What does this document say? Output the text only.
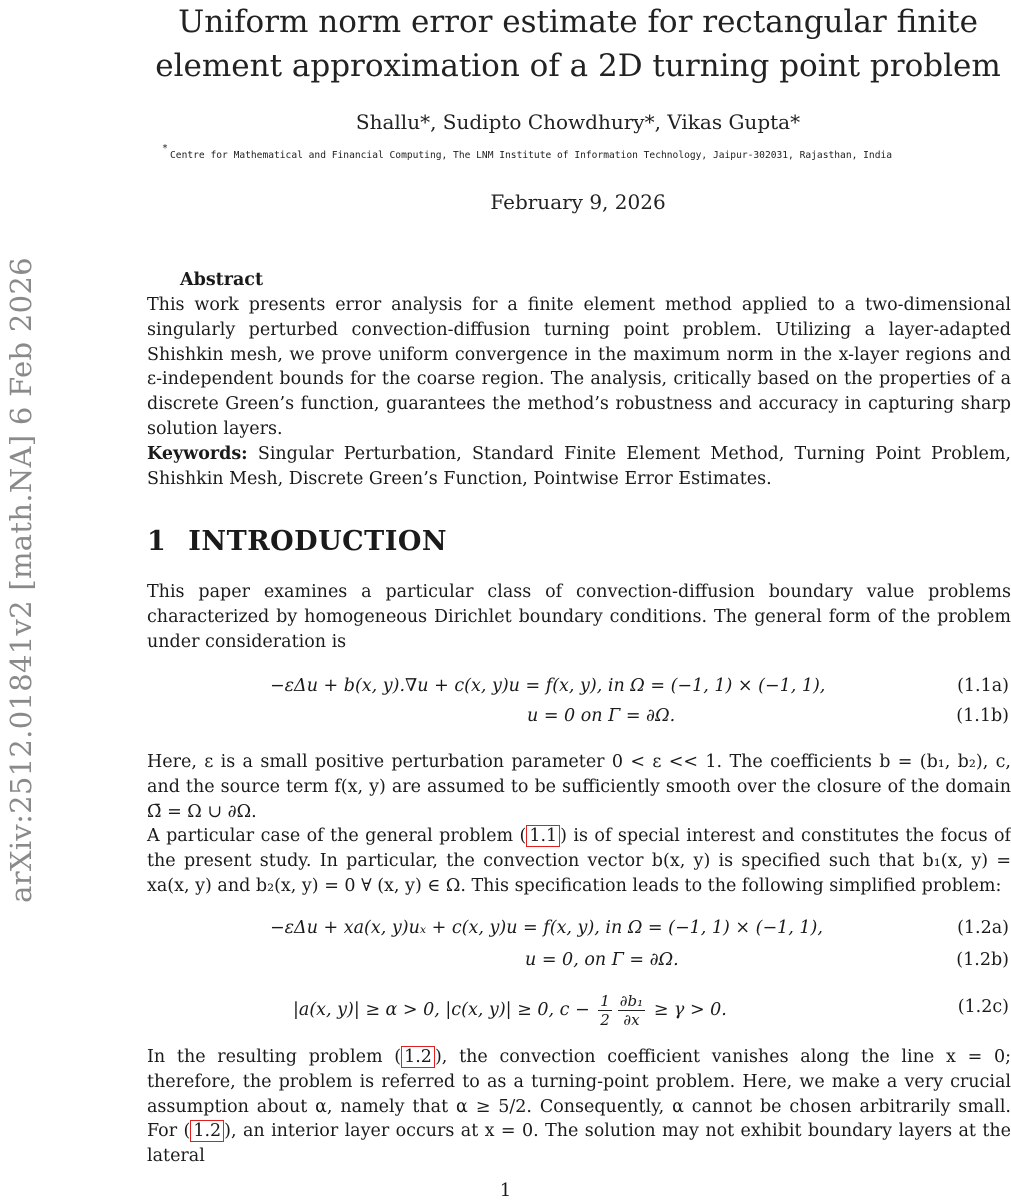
arXiv:2512.01841v2 [math.NA] 6 Feb 2026
Uniform norm error estimate for rectangular finite element approximation of a 2D turning point problem
Shallu*, Sudipto Chowdhury*, Vikas Gupta*
*Centre for Mathematical and Financial Computing, The LNM Institute of Information Technology, Jaipur-302031, Rajasthan, India
February 9, 2026
Abstract
This work presents error analysis for a finite element method applied to a two-dimensional singularly perturbed convection-diffusion turning point problem. Utilizing a layer-adapted Shishkin mesh, we prove uniform convergence in the maximum norm in the x-layer regions and ε-independent bounds for the coarse region. The analysis, critically based on the properties of a discrete Green’s function, guarantees the method’s robustness and accuracy in capturing sharp solution layers.
Keywords: Singular Perturbation, Standard Finite Element Method, Turning Point Problem, Shishkin Mesh, Discrete Green’s Function, Pointwise Error Estimates.
1 INTRODUCTION
This paper examines a particular class of convection-diffusion boundary value problems characterized by homogeneous Dirichlet boundary conditions. The general form of the problem under consideration is
−εΔu + b(x, y).∇u + c(x, y)u = f(x, y), in Ω = (−1, 1) × (−1, 1),	(1.1a)
u = 0 on Γ = ∂Ω.	(1.1b)
Here, ε is a small positive perturbation parameter 0 < ε << 1. The coefficients b = (b₁, b₂), c, and the source term f(x, y) are assumed to be sufficiently smooth over the closure of the domain Ω̄ = Ω ∪ ∂Ω.
A particular case of the general problem ( 1.1 ) is of special interest and constitutes the focus of the present study. In particular, the convection vector b(x, y) is specified such that b₁(x, y) = xa(x, y) and b₂(x, y) = 0 ∀ (x, y) ∈ Ω. This specification leads to the following simplified problem:
−εΔu + xa(x, y)uₓ + c(x, y)u = f(x, y), in Ω = (−1, 1) × (−1, 1),	(1.2a)
u = 0, on Γ = ∂Ω.	(1.2b)
|a(x, y)| ≥ α > 0, |c(x, y)| ≥ 0, $c - \frac{1}{2} \frac{\text{∂b₁}}{\partial x} \ge \gamma > 0$.	(1.2c)
In the resulting problem ( 1.2 ), the convection coefficient vanishes along the line x = 0; therefore, the problem is referred to as a turning-point problem. Here, we make a very crucial assumption about α, namely that α ≥ 5/2. Consequently, α cannot be chosen arbitrarily small. For ( 1.2 ), an interior layer occurs at x = 0. The solution may not exhibit boundary layers at the lateral
1
